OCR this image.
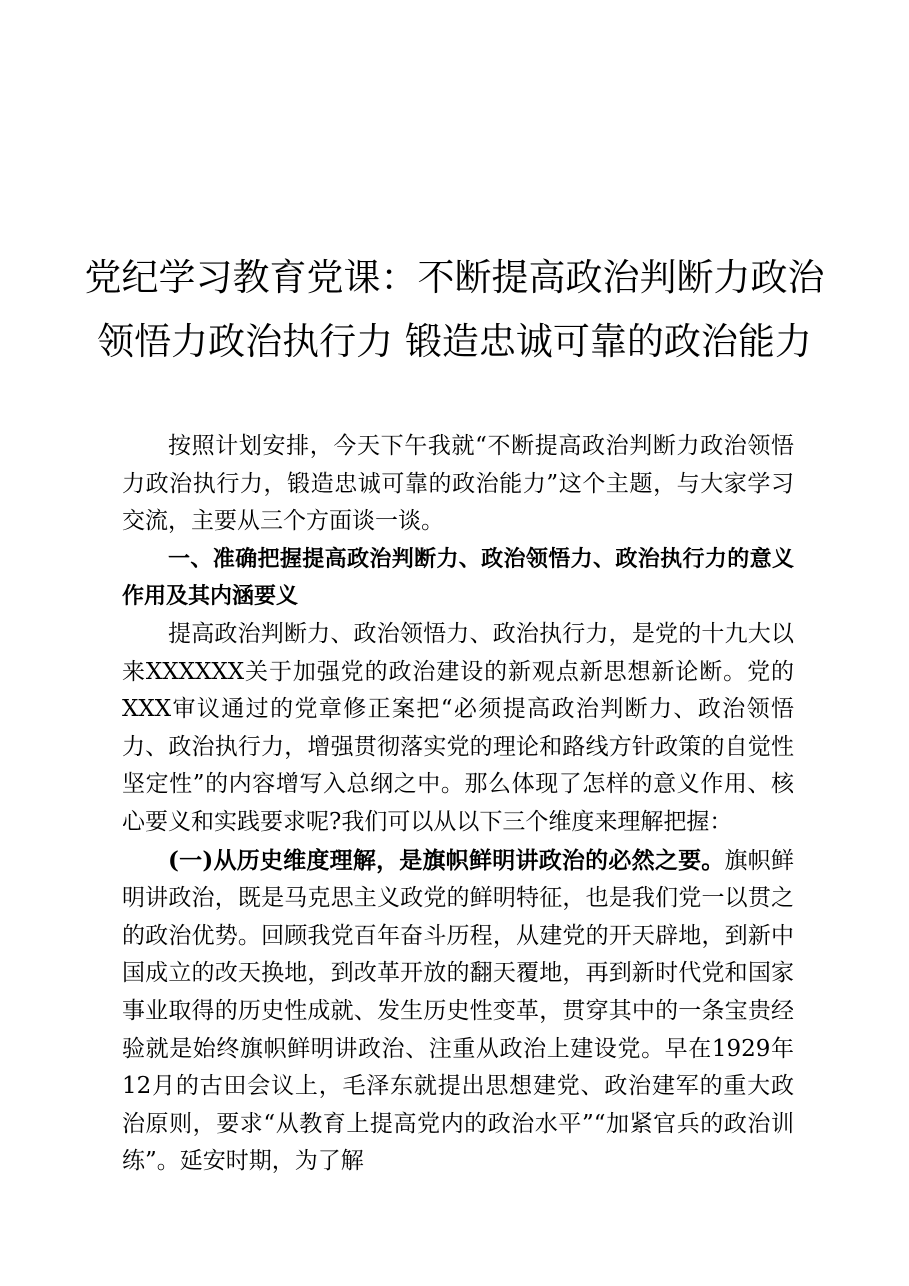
党纪学习教育党课：不断提高政治判断力政治
领悟力政治执行力 锻造忠诚可靠的政治能力

按照计划安排，今天下午我就“不断提高政治判断力政治领悟力政治执行力，锻造忠诚可靠的政治能力”这个主题，与大家学习交流，主要从三个方面谈一谈。

一、准确把握提高政治判断力、政治领悟力、政治执行力的意义作用及其内涵要义

提高政治判断力、政治领悟力、政治执行力，是党的十九大以来XXXXXX关于加强党的政治建设的新观点新思想新论断。党的XXX审议通过的党章修正案把“必须提高政治判断力、政治领悟力、政治执行力，增强贯彻落实党的理论和路线方针政策的自觉性坚定性”的内容增写入总纲之中。那么体现了怎样的意义作用、核心要义和实践要求呢?我们可以从以下三个维度来理解把握：

(一)从历史维度理解，是旗帜鲜明讲政治的必然之要。旗帜鲜明讲政治，既是马克思主义政党的鲜明特征，也是我们党一以贯之的政治优势。回顾我党百年奋斗历程，从建党的开天辟地，到新中国成立的改天换地，到改革开放的翻天覆地，再到新时代党和国家事业取得的历史性成就、发生历史性变革，贯穿其中的一条宝贵经验就是始终旗帜鲜明讲政治、注重从政治上建设党。早在1929年12月的古田会议上，毛泽东就提出思想建党、政治建军的重大政治原则，要求“从教育上提高党内的政治水平”“加紧官兵的政治训练”。延安时期，为了解
